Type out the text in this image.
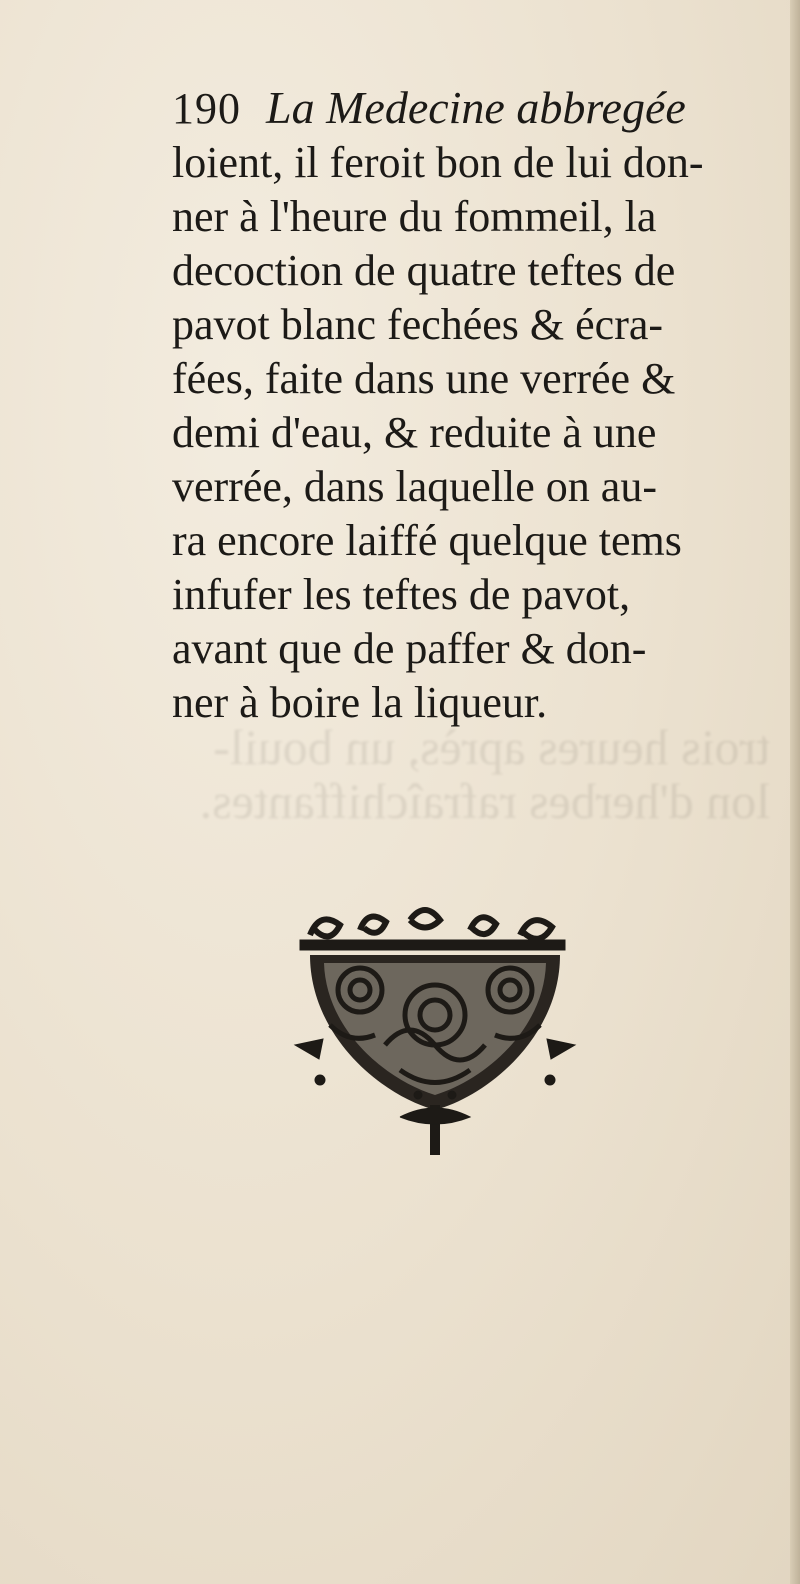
trois heures après, un bouil-
lon d'herbes rafraîchiffantes.
190 La Medecine abbregée
loient, il feroit bon de lui don-
ner à l'heure du fommeil, la
decoction de quatre teftes de
pavot blanc fechées & écra-
fées, faite dans une verrée &
demi d'eau, & reduite à une
verrée, dans laquelle on au-
ra encore laiffé quelque tems
infufer les teftes de pavot,
avant que de paffer & don-
ner à boire la liqueur.
